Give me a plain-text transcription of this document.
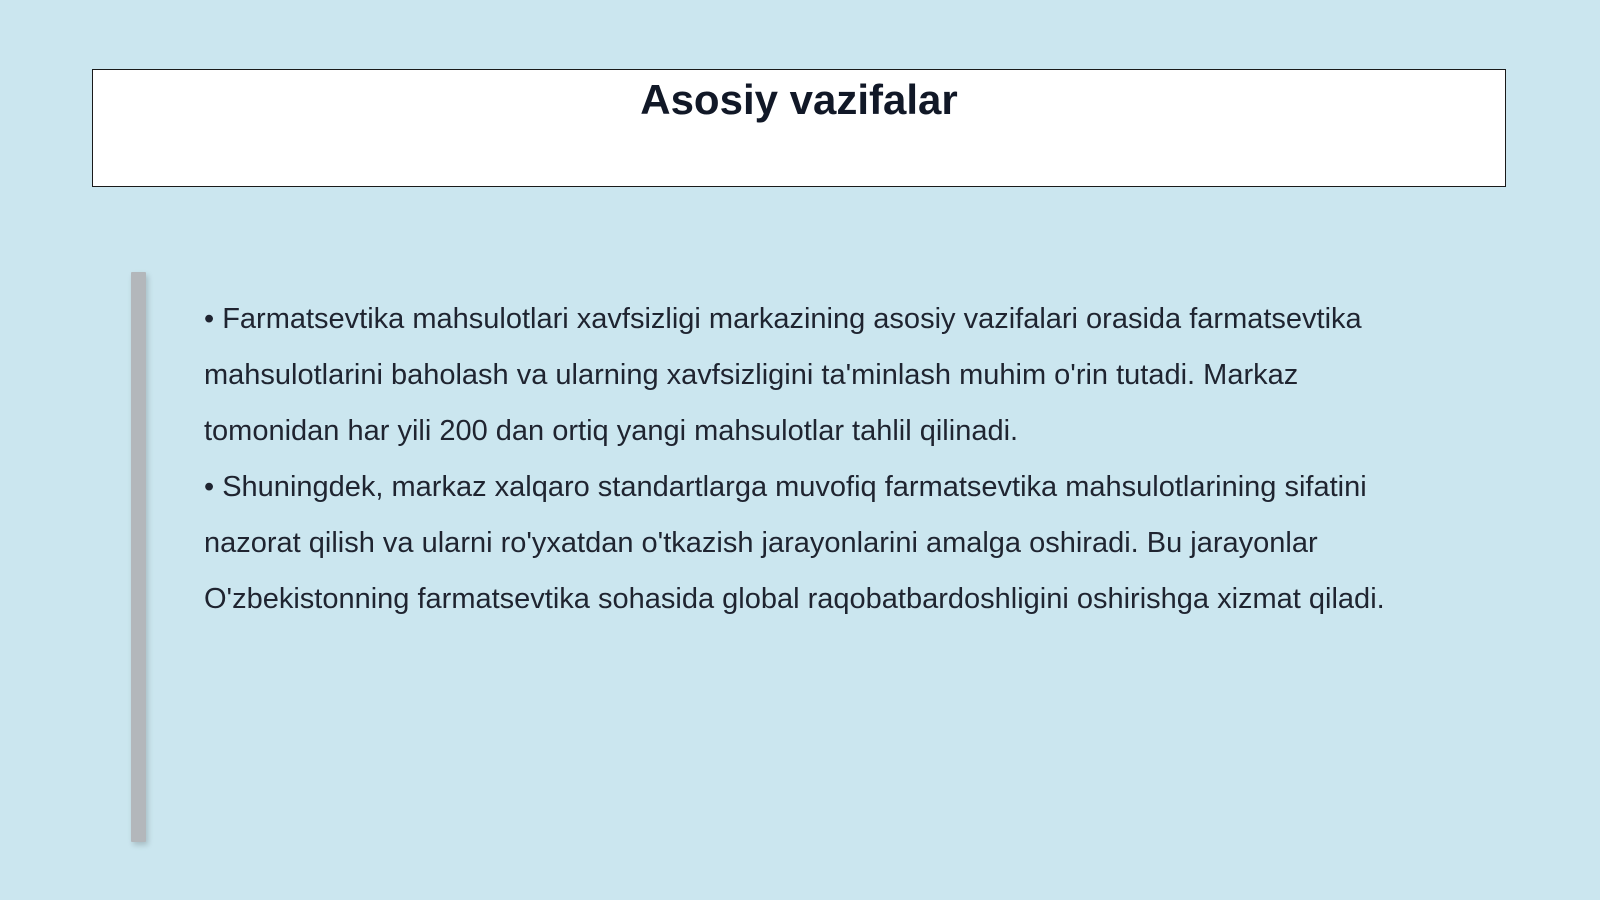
Asosiy vazifalar

• Farmatsevtika mahsulotlari xavfsizligi markazining asosiy vazifalari orasida farmatsevtika mahsulotlarini baholash va ularning xavfsizligini ta'minlash muhim o'rin tutadi. Markaz tomonidan har yili 200 dan ortiq yangi mahsulotlar tahlil qilinadi.

• Shuningdek, markaz xalqaro standartlarga muvofiq farmatsevtika mahsulotlarining sifatini nazorat qilish va ularni ro'yxatdan o'tkazish jarayonlarini amalga oshiradi. Bu jarayonlar O'zbekistonning farmatsevtika sohasida global raqobatbardoshligini oshirishga xizmat qiladi.
